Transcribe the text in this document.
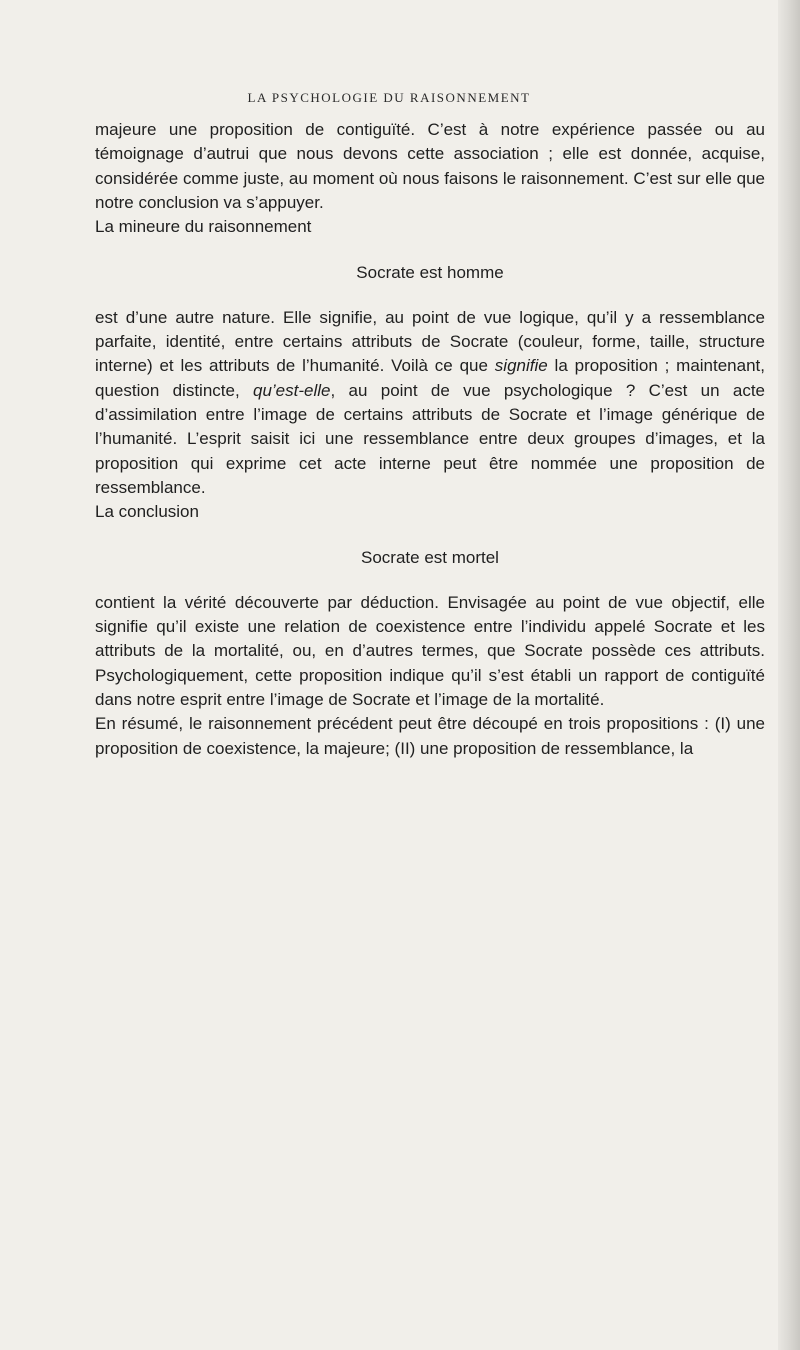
LA PSYCHOLOGIE DU RAISONNEMENT

majeure une proposition de contiguïté. C’est à notre expérience passée ou au témoignage d’autrui que nous devons cette association ; elle est donnée, acquise, considérée comme juste, au moment où nous faisons le raisonnement. C’est sur elle que notre conclusion va s’appuyer.

La mineure du raisonnement

Socrate est homme

est d’une autre nature. Elle signifie, au point de vue logique, qu’il y a ressemblance parfaite, identité, entre certains attributs de Socrate (couleur, forme, taille, structure interne) et les attributs de l’humanité. Voilà ce que signifie la proposition ; maintenant, question distincte, qu’est-elle, au point de vue psychologique ? C’est un acte d’assimilation entre l’image de certains attributs de Socrate et l’image générique de l’humanité. L’esprit saisit ici une ressemblance entre deux groupes d’images, et la proposition qui exprime cet acte interne peut être nommée une proposition de ressemblance.

La conclusion

Socrate est mortel

contient la vérité découverte par déduction. Envisagée au point de vue objectif, elle signifie qu’il existe une relation de coexistence entre l’individu appelé Socrate et les attributs de la mortalité, ou, en d’autres termes, que Socrate possède ces attributs. Psychologiquement, cette proposition indique qu’il s’est établi un rapport de contiguïté dans notre esprit entre l’image de Socrate et l’image de la mortalité.

En résumé, le raisonnement précédent peut être découpé en trois propositions : (I) une proposition de coexistence, la majeure; (II) une proposition de ressemblance, la
